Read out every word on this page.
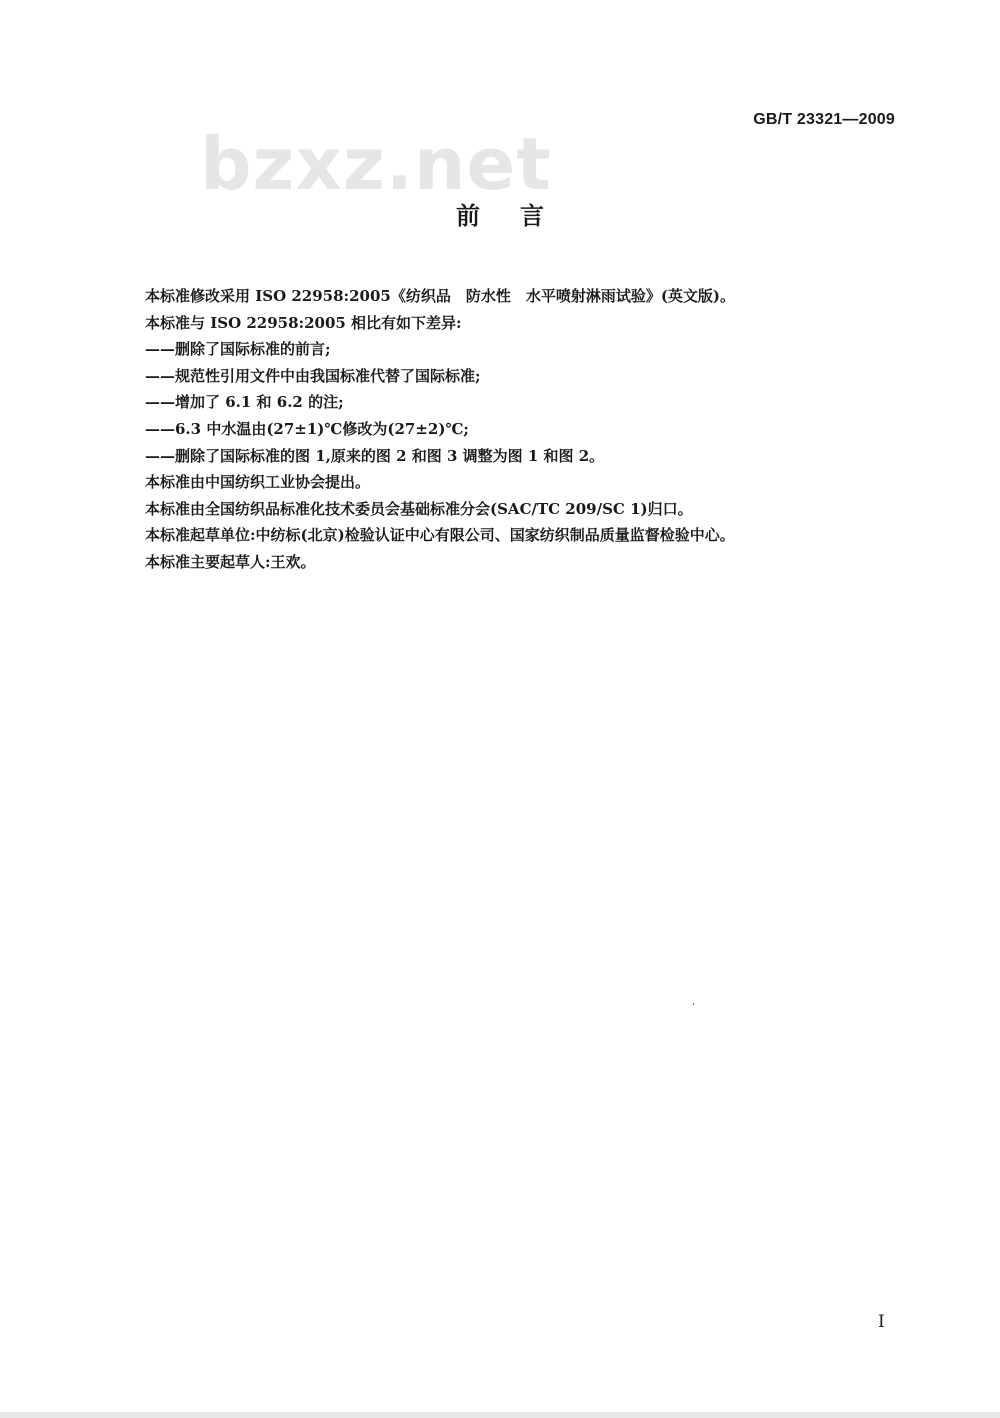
GB/T 23321—2009
bzxz.net
前言
本标准修改采用 ISO 22958:2005《纺织品　防水性　水平喷射淋雨试验》(英文版)。
本标准与 ISO 22958:2005 相比有如下差异:
——删除了国际标准的前言;
——规范性引用文件中由我国标准代替了国际标准;
——增加了 6.1 和 6.2 的注;
——6.3 中水温由(27±1)℃修改为(27±2)℃;
——删除了国际标准的图 1,原来的图 2 和图 3 调整为图 1 和图 2。
本标准由中国纺织工业协会提出。
本标准由全国纺织品标准化技术委员会基础标准分会(SAC/TC 209/SC 1)归口。
本标准起草单位:中纺标(北京)检验认证中心有限公司、国家纺织制品质量监督检验中心。
本标准主要起草人:王欢。
,
I
